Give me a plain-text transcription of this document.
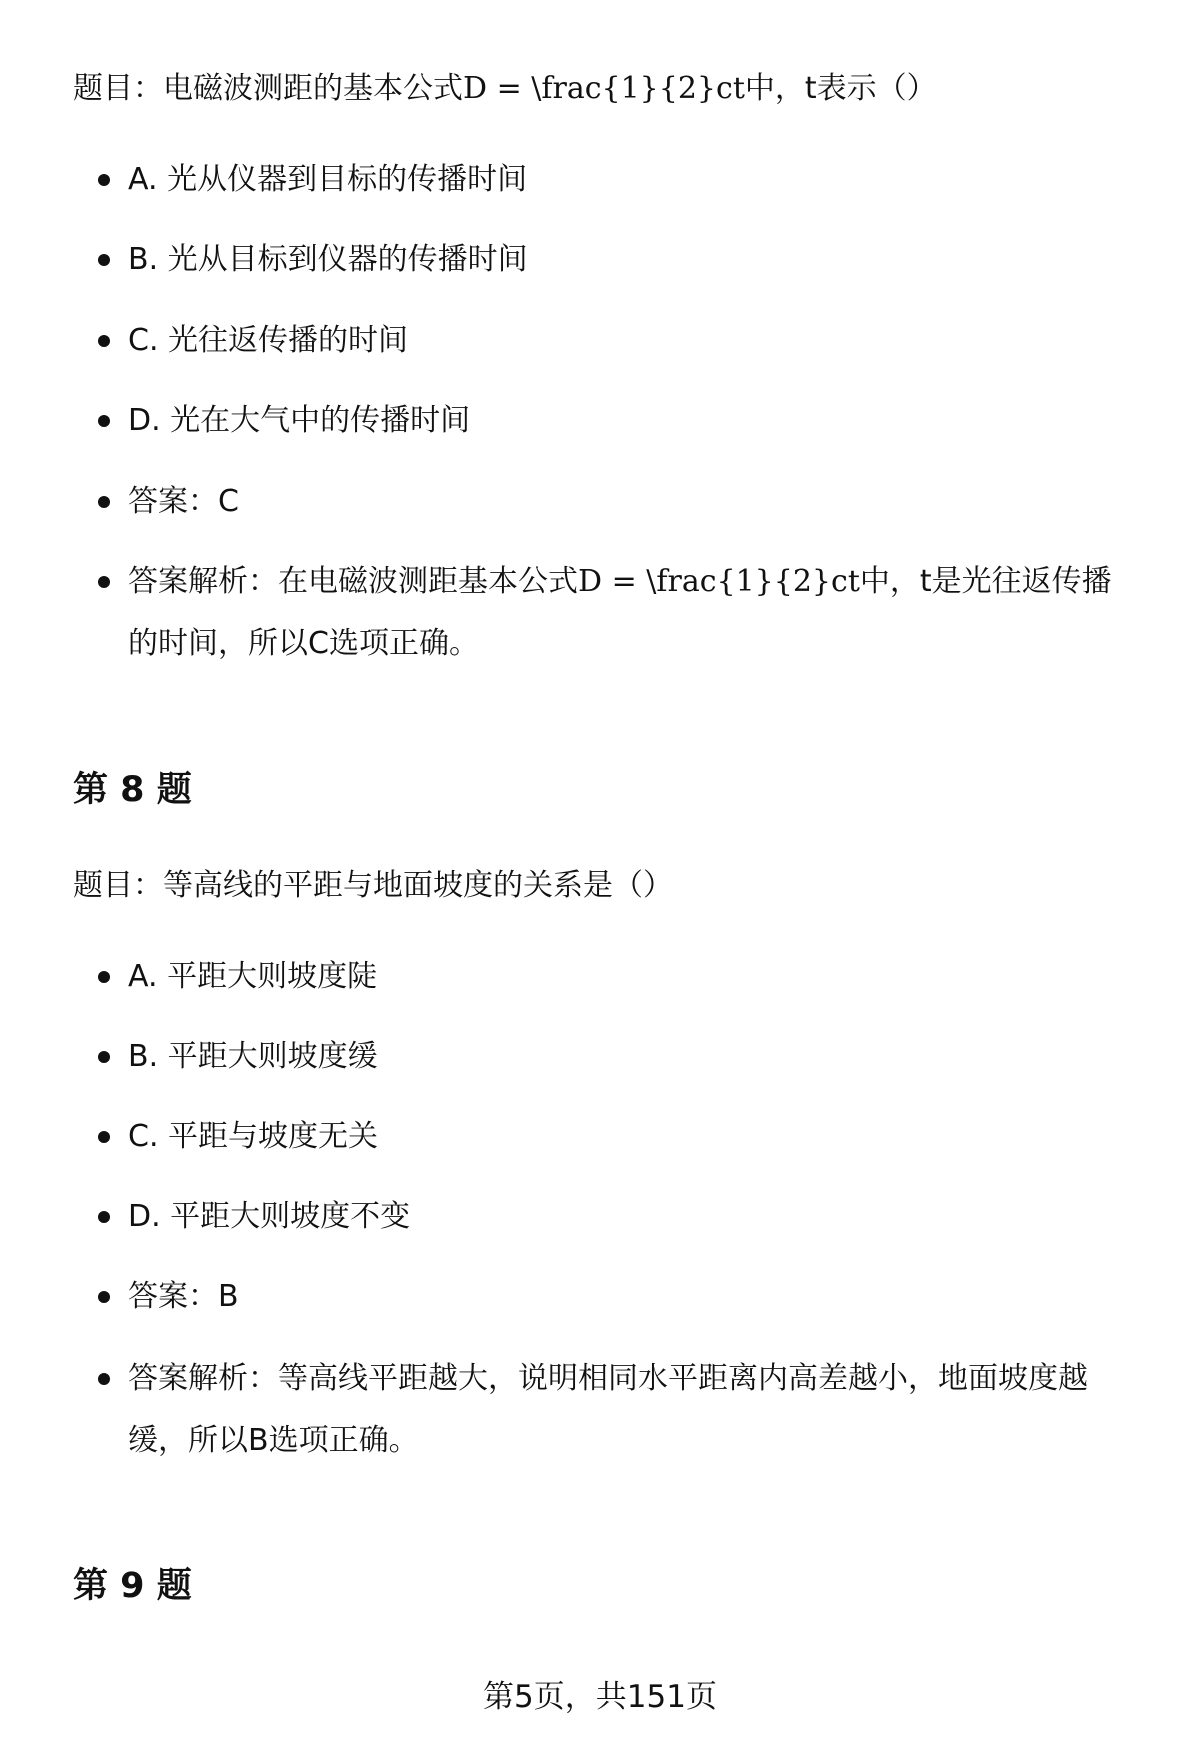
题目：电磁波测距的基本公式D = \frac{1}{2}ct中，t表示（）
A. 光从仪器到目标的传播时间
B. 光从目标到仪器的传播时间
C. 光往返传播的时间
D. 光在大气中的传播时间
答案：C
答案解析：在电磁波测距基本公式D = \frac{1}{2}ct中，t是光往返传播的时间，所以C选项正确。
第 8 题
题目：等高线的平距与地面坡度的关系是（）
A. 平距大则坡度陡
B. 平距大则坡度缓
C. 平距与坡度无关
D. 平距大则坡度不变
答案：B
答案解析：等高线平距越大，说明相同水平距离内高差越小，地面坡度越缓，所以B选项正确。
第 9 题
第5页，共151页
